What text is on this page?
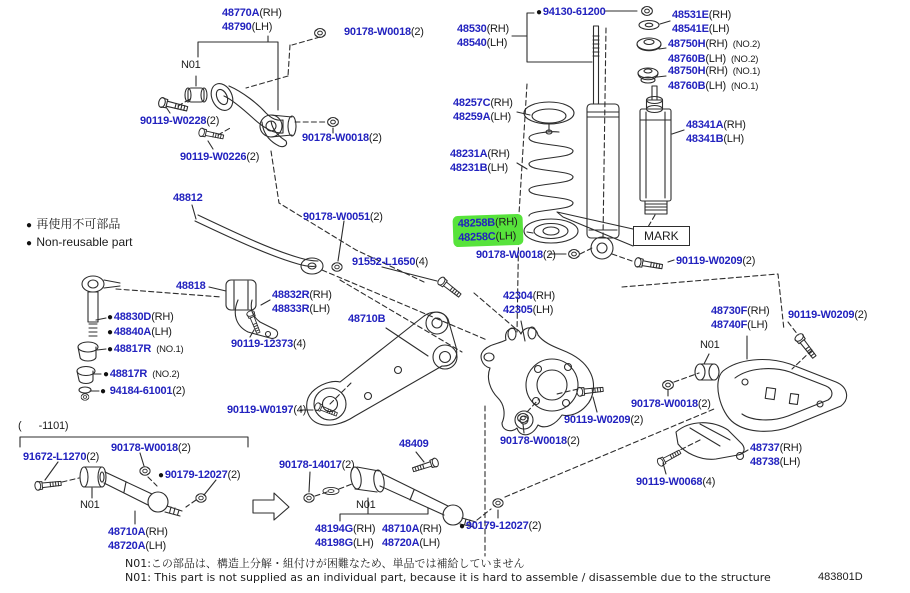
48770A(RH)
48790(LH)
N01
90178-W0018(2)
90119-W0228(2)
90178-W0018(2)
90119-W0226(2)
●94130-61200
48530(RH)
48540(LH)
48531E(RH)
48541E(LH)
48750H(RH) (NO.2)
48760B(LH) (NO.2)
48750H(RH) (NO.1)
48760B(LH) (NO.1)
48257C(RH)
48259A(LH)
48341A(RH)
48341B(LH)
48231A(RH)
48231B(LH)
48258B(RH)
48258C(LH)
90178-W0018(2)
MARK
90119-W0209(2)
● 再使用不可部品
● Non-reusable part
48812
48818
48832R(RH)
48833R(LH)
●48830D(RH)
●48840A(LH)
●48817R (NO.1)
●48817R (NO.2)
● 94184-61001(2)
90178-W0051(2)
91552-L1650(4)
48710B
90119-12373(4)
42304(RH)
42305(LH)
90119-W0197(4)
90178-W0018(2)
90119-W0209(2)
90178-W0018(2)
48730F(RH)
48740F(LH)
90119-W0209(2)
N01
48737(RH)
48738(LH)
90119-W0068(4)
(      -1101)
91672-L1270(2)
90178-W0018(2)
●90179-12027(2)
N01
48710A(RH)
48720A(LH)
90178-14017(2)
48409
N01
48194G(RH)
48198G(LH)
48710A(RH)
48720A(LH)
●90179-12027(2)
N01:この部品は、構造上分解・組付けが困難なため、単品では補給していません
N01: This part is not supplied as an individual part, because it is hard to assemble / disassemble due to the structure	483801D
